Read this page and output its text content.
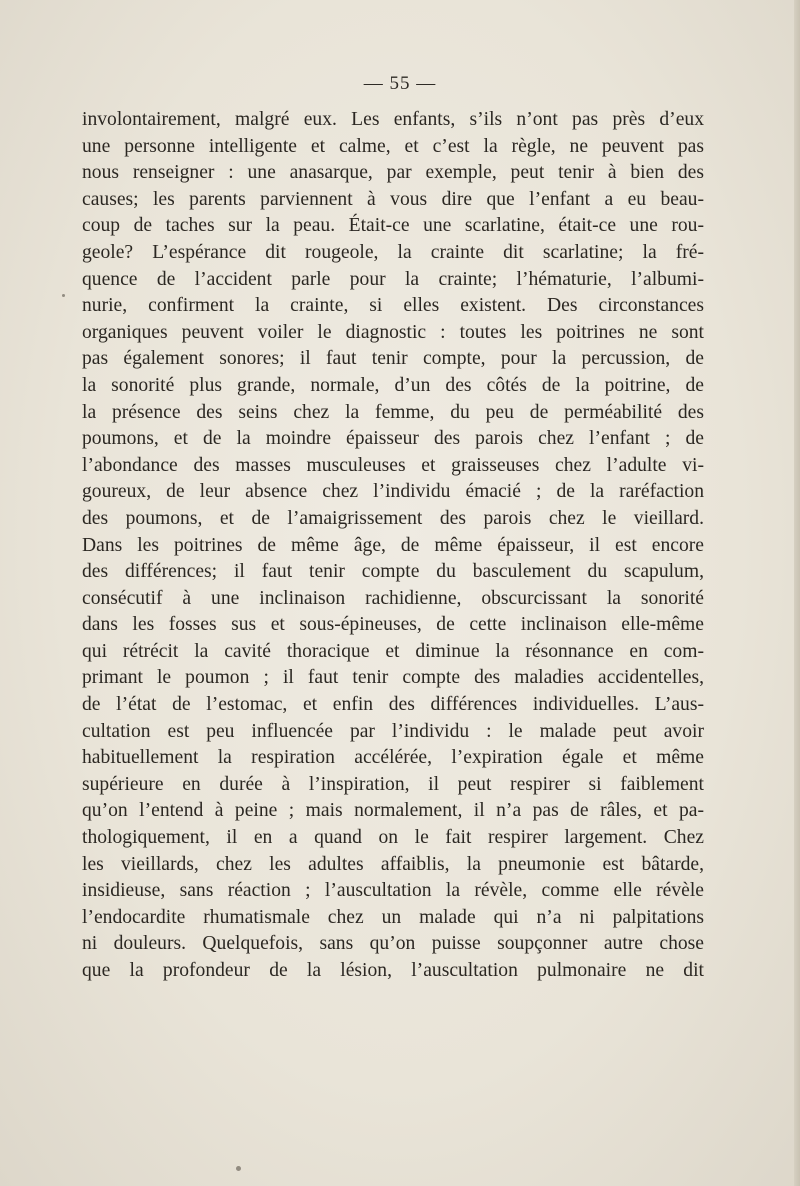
— 55 —
involontairement, malgré eux. Les enfants, s’ils n’ont pas près d’eux
une personne intelligente et calme, et c’est la règle, ne peuvent pas
nous renseigner : une anasarque, par exemple, peut tenir à bien des
causes; les parents parviennent à vous dire que l’enfant a eu beau-
coup de taches sur la peau. Était-ce une scarlatine, était-ce une rou-
geole? L’espérance dit rougeole, la crainte dit scarlatine; la fré-
quence de l’accident parle pour la crainte; l’hématurie, l’albumi-
nurie, confirment la crainte, si elles existent. Des circonstances
organiques peuvent voiler le diagnostic : toutes les poitrines ne sont
pas également sonores; il faut tenir compte, pour la percussion, de
la sonorité plus grande, normale, d’un des côtés de la poitrine, de
la présence des seins chez la femme, du peu de perméabilité des
poumons, et de la moindre épaisseur des parois chez l’enfant ; de
l’abondance des masses musculeuses et graisseuses chez l’adulte vi-
goureux, de leur absence chez l’individu émacié ; de la raréfaction
des poumons, et de l’amaigrissement des parois chez le vieillard.
Dans les poitrines de même âge, de même épaisseur, il est encore
des différences; il faut tenir compte du basculement du scapulum,
consécutif à une inclinaison rachidienne, obscurcissant la sonorité
dans les fosses sus et sous-épineuses, de cette inclinaison elle-même
qui rétrécit la cavité thoracique et diminue la résonnance en com-
primant le poumon ; il faut tenir compte des maladies accidentelles,
de l’état de l’estomac, et enfin des différences individuelles. L’aus-
cultation est peu influencée par l’individu : le malade peut avoir
habituellement la respiration accélérée, l’expiration égale et même
supérieure en durée à l’inspiration, il peut respirer si faiblement
qu’on l’entend à peine ; mais normalement, il n’a pas de râles, et pa-
thologiquement, il en a quand on le fait respirer largement. Chez
les vieillards, chez les adultes affaiblis, la pneumonie est bâtarde,
insidieuse, sans réaction ; l’auscultation la révèle, comme elle révèle
l’endocardite rhumatismale chez un malade qui n’a ni palpitations
ni douleurs. Quelquefois, sans qu’on puisse soupçonner autre chose
que la profondeur de la lésion, l’auscultation pulmonaire ne dit
